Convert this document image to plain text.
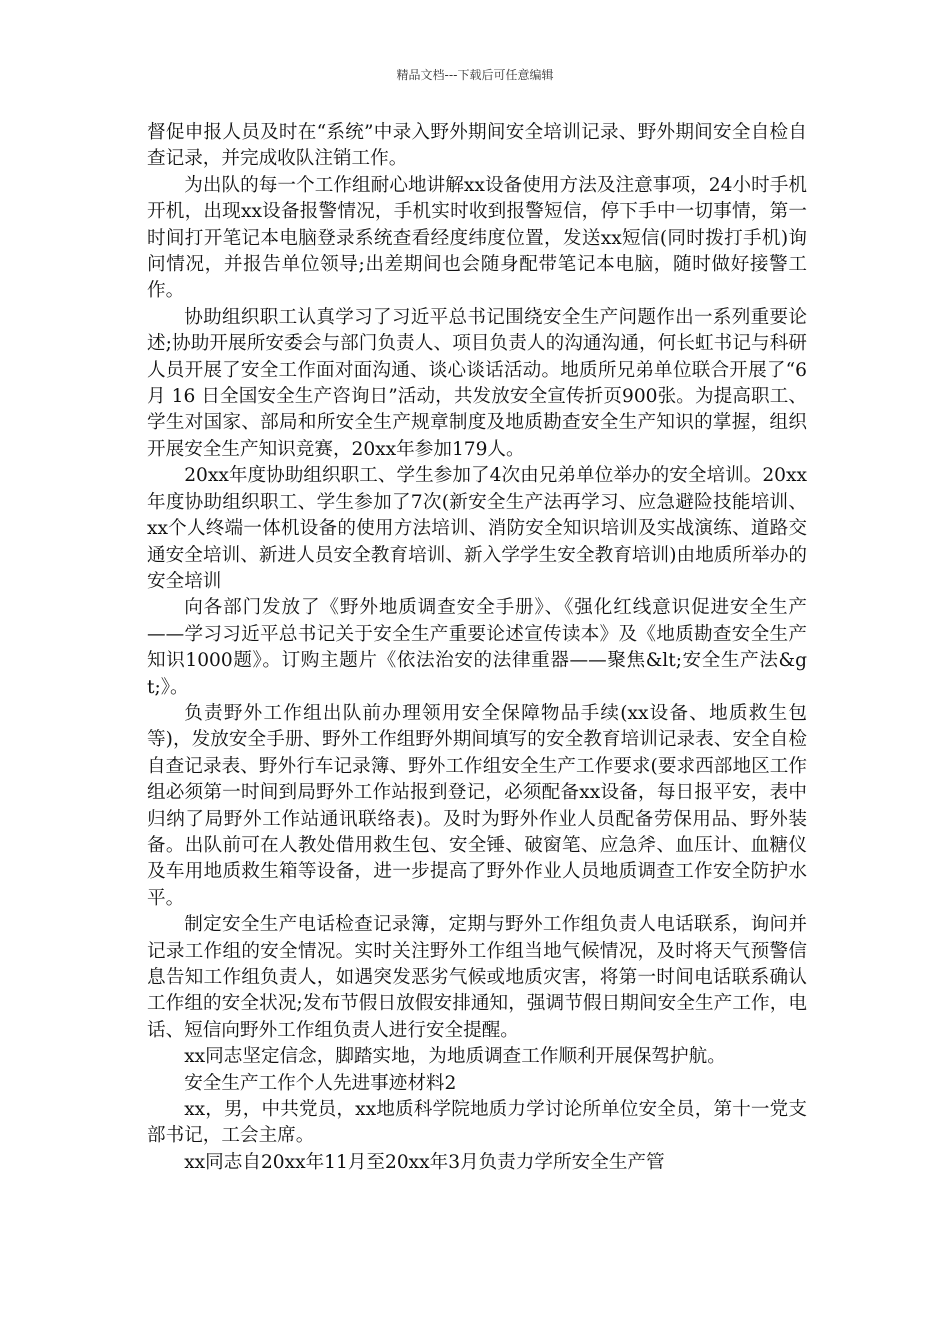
精品文档---下载后可任意编辑

督促申报人员及时在“系统”中录入野外期间安全培训记录、野外期间安全自检自查记录，并完成收队注销工作。

为出队的每一个工作组耐心地讲解xx设备使用方法及注意事项，24小时手机开机，出现xx设备报警情况，手机实时收到报警短信，停下手中一切事情，第一时间打开笔记本电脑登录系统查看经度纬度位置，发送xx短信(同时拨打手机)询问情况，并报告单位领导;出差期间也会随身配带笔记本电脑，随时做好接警工作。

协助组织职工认真学习了习近平总书记围绕安全生产问题作出一系列重要论述;协助开展所安委会与部门负责人、项目负责人的沟通沟通，何长虹书记与科研人员开展了安全工作面对面沟通、谈心谈话活动。地质所兄弟单位联合开展了“6 月 16 日全国安全生产咨询日”活动，共发放安全宣传折页900张。为提高职工、学生对国家、部局和所安全生产规章制度及地质勘查安全生产知识的掌握，组织开展安全生产知识竞赛，20xx年参加179人。

20xx年度协助组织职工、学生参加了4次由兄弟单位举办的安全培训。20xx年度协助组织职工、学生参加了7次(新安全生产法再学习、应急避险技能培训、xx个人终端一体机设备的使用方法培训、消防安全知识培训及实战演练、道路交通安全培训、新进人员安全教育培训、新入学学生安全教育培训)由地质所举办的安全培训

向各部门发放了《野外地质调查安全手册》、《强化红线意识促进安全生产——学习习近平总书记关于安全生产重要论述宣传读本》及《地质勘查安全生产知识1000题》。订购主题片《依法治安的法律重器——聚焦&lt;安全生产法&gt;》。

负责野外工作组出队前办理领用安全保障物品手续(xx设备、地质救生包等)，发放安全手册、野外工作组野外期间填写的安全教育培训记录表、安全自检自查记录表、野外行车记录簿、野外工作组安全生产工作要求(要求西部地区工作组必须第一时间到局野外工作站报到登记，必须配备xx设备，每日报平安，表中归纳了局野外工作站通讯联络表)。及时为野外作业人员配备劳保用品、野外装备。出队前可在人教处借用救生包、安全锤、破窗笔、应急斧、血压计、血糖仪及车用地质救生箱等设备，进一步提高了野外作业人员地质调查工作安全防护水平。

制定安全生产电话检查记录簿，定期与野外工作组负责人电话联系，询问并记录工作组的安全情况。实时关注野外工作组当地气候情况，及时将天气预警信息告知工作组负责人，如遇突发恶劣气候或地质灾害，将第一时间电话联系确认工作组的安全状况;发布节假日放假安排通知，强调节假日期间安全生产工作，电话、短信向野外工作组负责人进行安全提醒。

xx同志坚定信念，脚踏实地，为地质调查工作顺利开展保驾护航。

安全生产工作个人先进事迹材料2

xx，男，中共党员，xx地质科学院地质力学讨论所单位安全员，第十一党支部书记，工会主席。

xx同志自20xx年11月至20xx年3月负责力学所安全生产管
